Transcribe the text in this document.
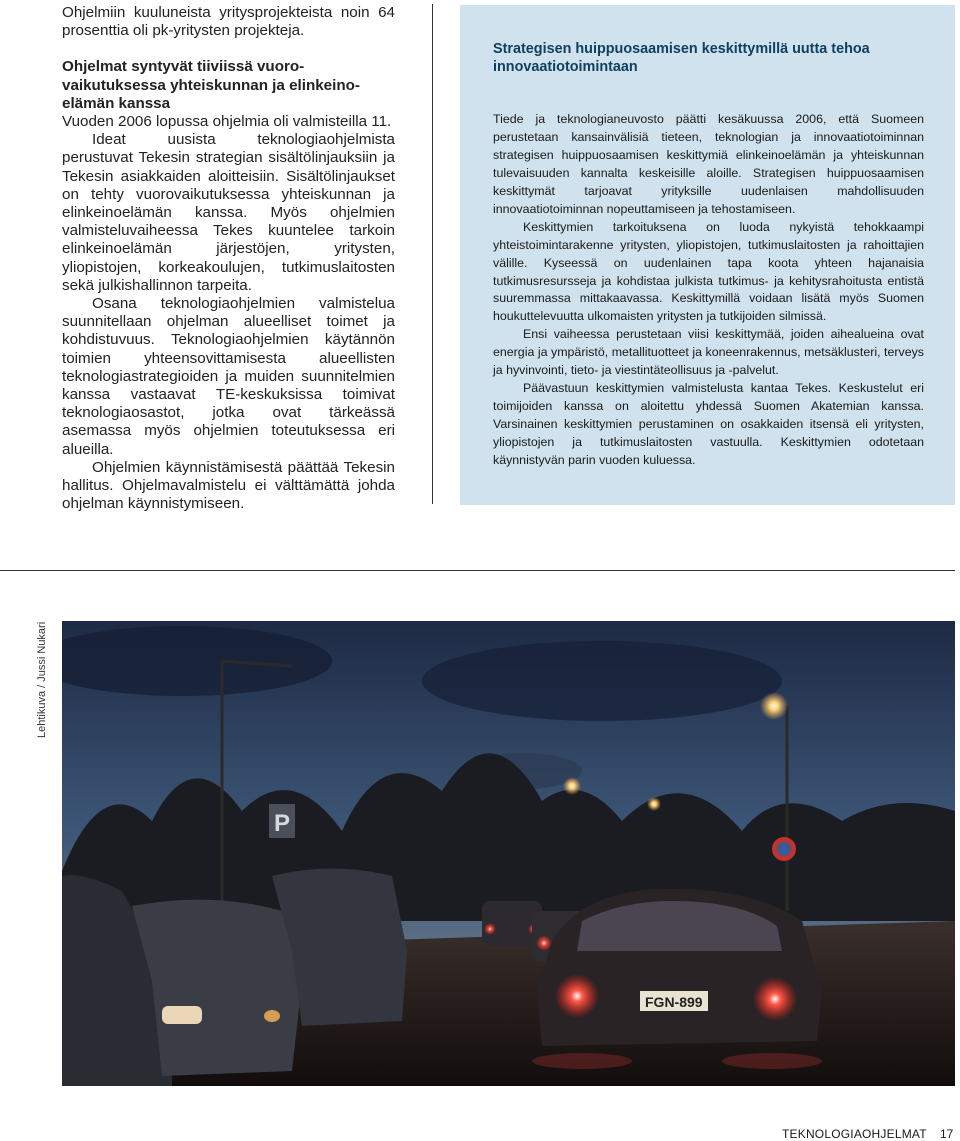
Ohjelmiin kuuluneista yritysprojekteista noin 64 prosenttia oli pk-yritysten projekteja.

Ohjelmat syntyvät tiiviissä vuoro-vaikutuksessa yhteiskunnan ja elinkeino-elämän kanssa

Vuoden 2006 lopussa ohjelmia oli valmisteilla 11.

Ideat uusista teknologiaohjelmista perustuvat Tekesin strategian sisältölinjauksiin ja Tekesin asiakkaiden aloitteisiin. Sisältölinjaukset on tehty vuorovaikutuksessa yhteiskunnan ja elinkeinoelämän kanssa. Myös ohjelmien valmisteluvaiheessa Tekes kuuntelee tarkoin elinkeinoelämän järjestöjen, yritysten, yliopistojen, korkeakoulujen, tutkimuslaitosten sekä julkishallinnon tarpeita.

Osana teknologiaohjelmien valmistelua suunnitellaan ohjelman alueelliset toimet ja kohdistuvuus. Teknologiaohjelmien käytännön toimien yhteensovittamisesta alueellisten teknologiastrategioiden ja muiden suunnitelmien kanssa vastaavat TE-keskuksissa toimivat teknologiaosastot, jotka ovat tärkeässä asemassa myös ohjelmien toteutuksessa eri alueilla.

Ohjelmien käynnistämisestä päättää Tekesin hallitus. Ohjelmavalmistelu ei välttämättä johda ohjelman käynnistymiseen.

Strategisen huippuosaamisen keskittymillä uutta tehoa innovaatiotoimintaan

Tiede ja teknologianeuvosto päätti kesäkuussa 2006, että Suomeen perustetaan kansainvälisiä tieteen, teknologian ja innovaatiotoiminnan strategisen huippuosaamisen keskittymiä elinkeinoelämän ja yhteiskunnan tulevaisuuden kannalta keskeisille aloille. Strategisen huippuosaamisen keskittymät tarjoavat yrityksille uudenlaisen mahdollisuuden innovaatiotoiminnan nopeuttamiseen ja tehostamiseen.

Keskittymien tarkoituksena on luoda nykyistä tehokkaampi yhteistoimintarakenne yritysten, yliopistojen, tutkimuslaitosten ja rahoittajien välille. Kyseessä on uudenlainen tapa koota yhteen hajanaisia tutkimusresursseja ja kohdistaa julkista tutkimus- ja kehitysrahoitusta entistä suuremmassa mittakaavassa. Keskittymillä voidaan lisätä myös Suomen houkuttelevuutta ulkomaisten yritysten ja tutkijoiden silmissä.

Ensi vaiheessa perustetaan viisi keskittymää, joiden aihealueina ovat energia ja ympäristö, metallituotteet ja koneenrakennus, metsäklusteri, terveys ja hyvinvointi, tieto- ja viestintäteollisuus ja -palvelut.

Päävastuun keskittymien valmistelusta kantaa Tekes. Keskustelut eri toimijoiden kanssa on aloitettu yhdessä Suomen Akatemian kanssa. Varsinainen keskittymien perustaminen on osakkaiden itsensä eli yritysten, yliopistojen ja tutkimuslaitosten vastuulla. Keskittymien odotetaan käynnistyvän parin vuoden kuluessa.

Lehtikuva / Jussi Nukari
P
FGN-899
TEKNOLOGIAOHJELMAT 17
